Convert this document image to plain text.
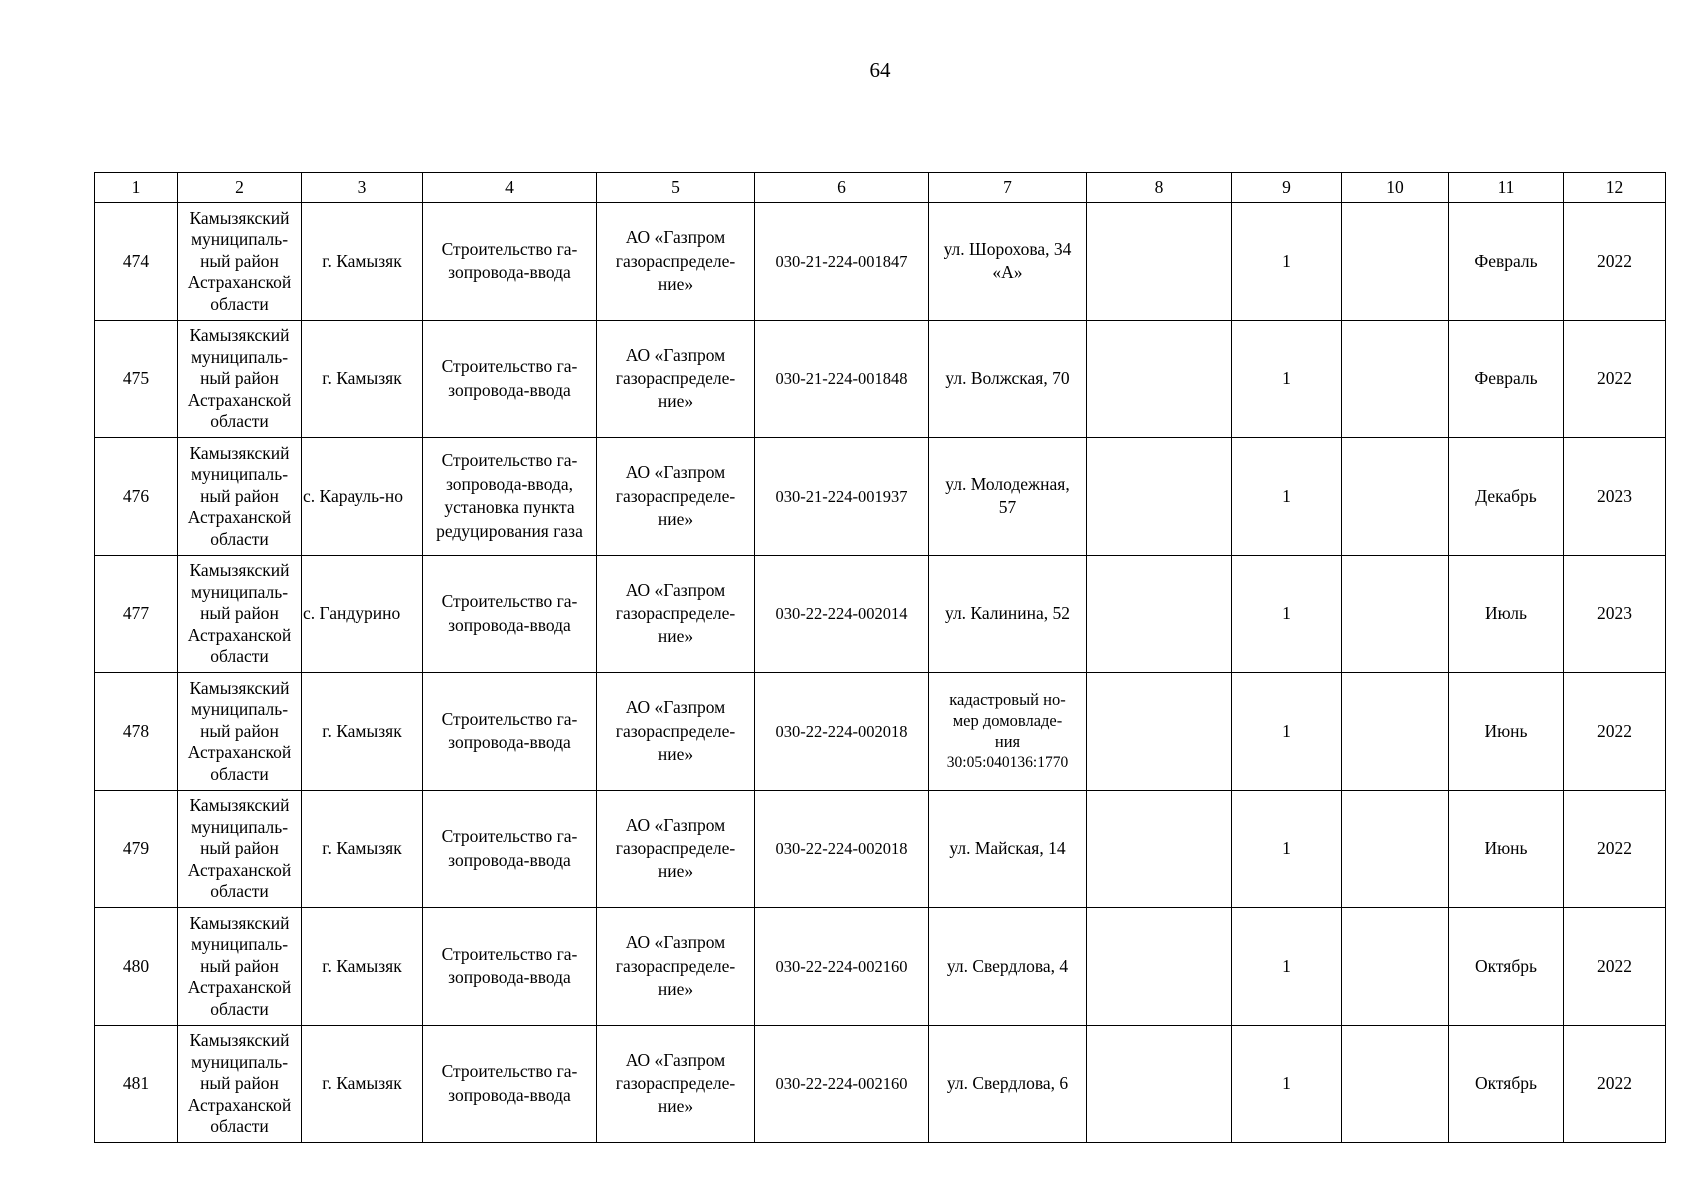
64
1	2	3	4	5	6	7	8	9	10	11	12
474	Камызякский
муниципаль-
ный район
Астраханской
области	г. Камызяк	Строительство га-
зопровода-ввода	АО «Газпром
газораспределе-
ние»	030-21-224-001847	ул. Шорохова, 34
«А»		1		Февраль	2022
475	Камызякский
муниципаль-
ный район
Астраханской
области	г. Камызяк	Строительство га-
зопровода-ввода	АО «Газпром
газораспределе-
ние»	030-21-224-001848	ул. Волжская, 70		1		Февраль	2022
476	Камызякский
муниципаль-
ный район
Астраханской
области	с. Карауль-но	Строительство га-
зопровода-ввода,
установка пункта
редуцирования газа	АО «Газпром
газораспределе-
ние»	030-21-224-001937	ул. Молодежная,
57		1		Декабрь	2023
477	Камызякский
муниципаль-
ный район
Астраханской
области	с. Гандурино	Строительство га-
зопровода-ввода	АО «Газпром
газораспределе-
ние»	030-22-224-002014	ул. Калинина, 52		1		Июль	2023
478	Камызякский
муниципаль-
ный район
Астраханской
области	г. Камызяк	Строительство га-
зопровода-ввода	АО «Газпром
газораспределе-
ние»	030-22-224-002018	кадастровый но-
мер домовладе-
ния
30:05:040136:1770		1		Июнь	2022
479	Камызякский
муниципаль-
ный район
Астраханской
области	г. Камызяк	Строительство га-
зопровода-ввода	АО «Газпром
газораспределе-
ние»	030-22-224-002018	ул. Майская, 14		1		Июнь	2022
480	Камызякский
муниципаль-
ный район
Астраханской
области	г. Камызяк	Строительство га-
зопровода-ввода	АО «Газпром
газораспределе-
ние»	030-22-224-002160	ул. Свердлова, 4		1		Октябрь	2022
481	Камызякский
муниципаль-
ный район
Астраханской
области	г. Камызяк	Строительство га-
зопровода-ввода	АО «Газпром
газораспределе-
ние»	030-22-224-002160	ул. Свердлова, 6		1		Октябрь	2022
